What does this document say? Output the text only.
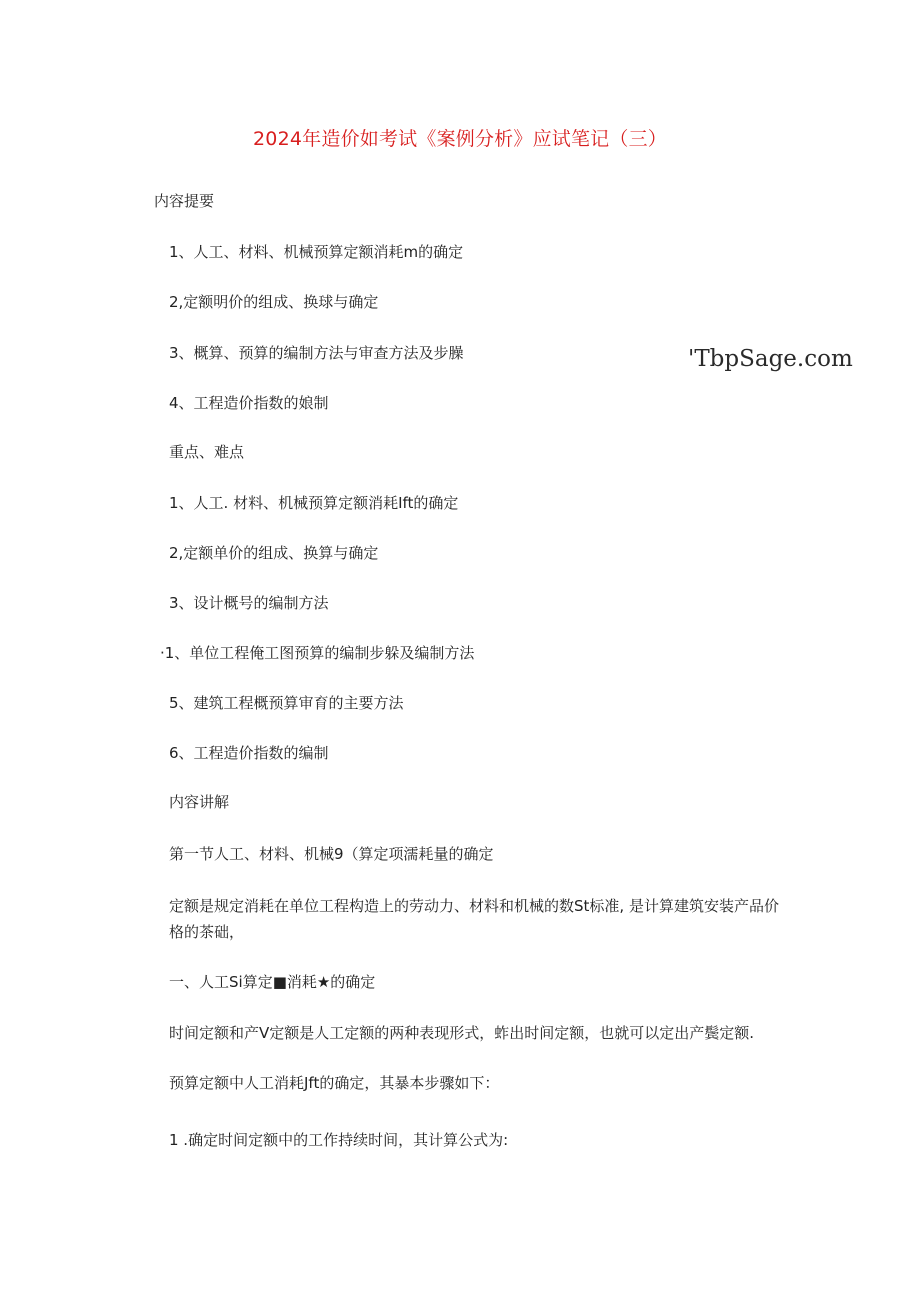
2024年造价如考试《案例分析》应试笔记（三）
内容提要
1、人工、材料、机械预算定额消耗m的确定
2,定额明价的组成、换球与确定
3、概算、预算的编制方法与审查方法及步臊
4、工程造价指数的娘制
重点、难点
1、人工. 材料、机械预算定额消耗Ift的确定
2,定额单价的组成、换算与确定
3、设计概号的编制方法
·1、单位工程俺工图预算的编制步躲及编制方法
5、建筑工程概预算审育的主要方法
6、工程造价指数的编制
内容讲解
第一节人工、材料、机械9（算定项濡耗量的确定
定额是规定消耗在单位工程构造上的劳动力、材料和机械的数St标准, 是计算建筑安装产品价格的茶础，
一、人工Si算定■消耗★的确定
时间定额和产V定额是人工定额的两种表现形式，蚱出时间定额，也就可以定出产鬓定额.
预算定额中人工消耗Jft的确定，其暴本步骤如下：
1 .确定时间定额中的工作持续时间，其计算公式为:
'TbpSage.com
